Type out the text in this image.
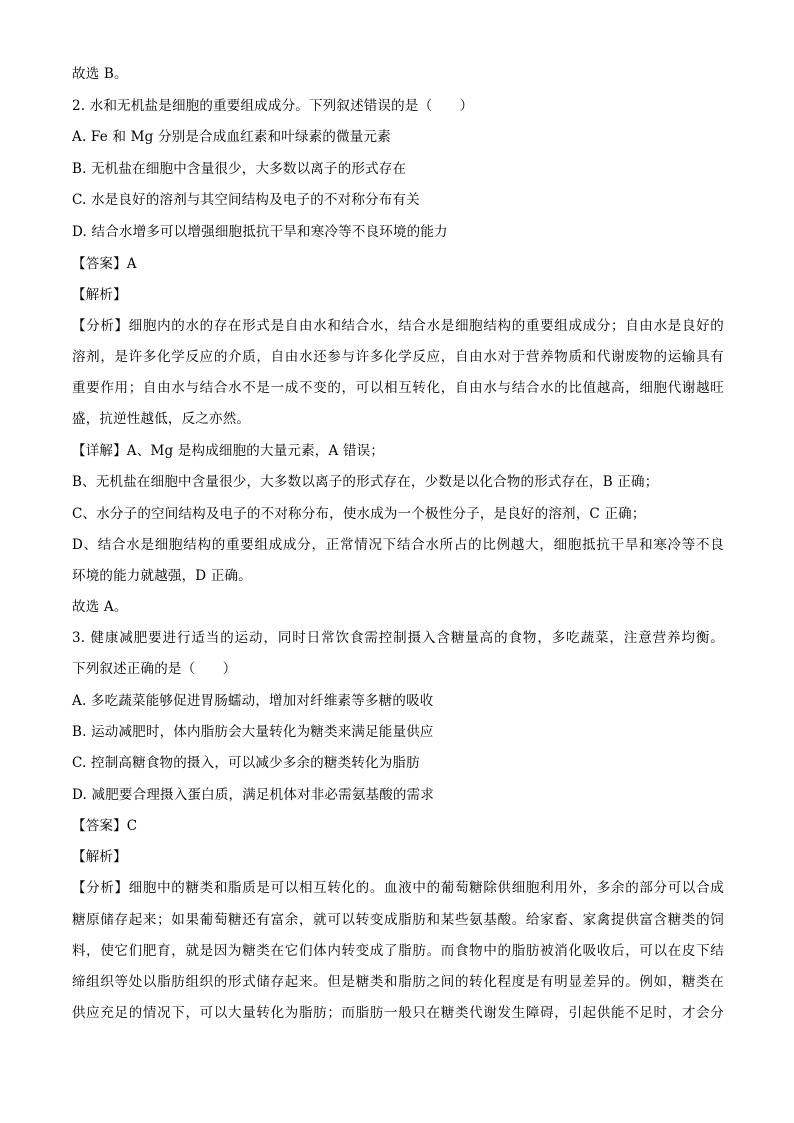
故选 B。
2. 水和无机盐是细胞的重要组成成分。下列叙述错误的是（　　）
A. Fe 和 Mg 分别是合成血红素和叶绿素的微量元素
B. 无机盐在细胞中含量很少，大多数以离子的形式存在
C. 水是良好的溶剂与其空间结构及电子的不对称分布有关
D. 结合水增多可以增强细胞抵抗干旱和寒冷等不良环境的能力
【答案】A
【解析】
【分析】细胞内的水的存在形式是自由水和结合水，结合水是细胞结构的重要组成成分；自由水是良好的
溶剂，是许多化学反应的介质，自由水还参与许多化学反应，自由水对于营养物质和代谢废物的运输具有
重要作用；自由水与结合水不是一成不变的，可以相互转化，自由水与结合水的比值越高，细胞代谢越旺
盛，抗逆性越低，反之亦然。
【详解】A、Mg 是构成细胞的大量元素，A 错误；
B、无机盐在细胞中含量很少，大多数以离子的形式存在，少数是以化合物的形式存在，B 正确；
C、水分子的空间结构及电子的不对称分布，使水成为一个极性分子，是良好的溶剂，C 正确；
D、结合水是细胞结构的重要组成成分，正常情况下结合水所占的比例越大，细胞抵抗干旱和寒冷等不良
环境的能力就越强，D 正确。
故选 A。
3. 健康减肥要进行适当的运动，同时日常饮食需控制摄入含糖量高的食物，多吃蔬菜，注意营养均衡。
下列叙述正确的是（　　）
A. 多吃蔬菜能够促进胃肠蠕动，增加对纤维素等多糖的吸收
B. 运动减肥时，体内脂肪会大量转化为糖类来满足能量供应
C. 控制高糖食物的摄入，可以减少多余的糖类转化为脂肪
D. 减肥要合理摄入蛋白质，满足机体对非必需氨基酸的需求
【答案】C
【解析】
【分析】细胞中的糖类和脂质是可以相互转化的。血液中的葡萄糖除供细胞利用外，多余的部分可以合成
糖原储存起来；如果葡萄糖还有富余，就可以转变成脂肪和某些氨基酸。给家畜、家禽提供富含糖类的饲
料，使它们肥育，就是因为糖类在它们体内转变成了脂肪。而食物中的脂肪被消化吸收后，可以在皮下结
缔组织等处以脂肪组织的形式储存起来。但是糖类和脂肪之间的转化程度是有明显差异的。例如，糖类在
供应充足的情况下，可以大量转化为脂肪；而脂肪一般只在糖类代谢发生障碍，引起供能不足时，才会分
